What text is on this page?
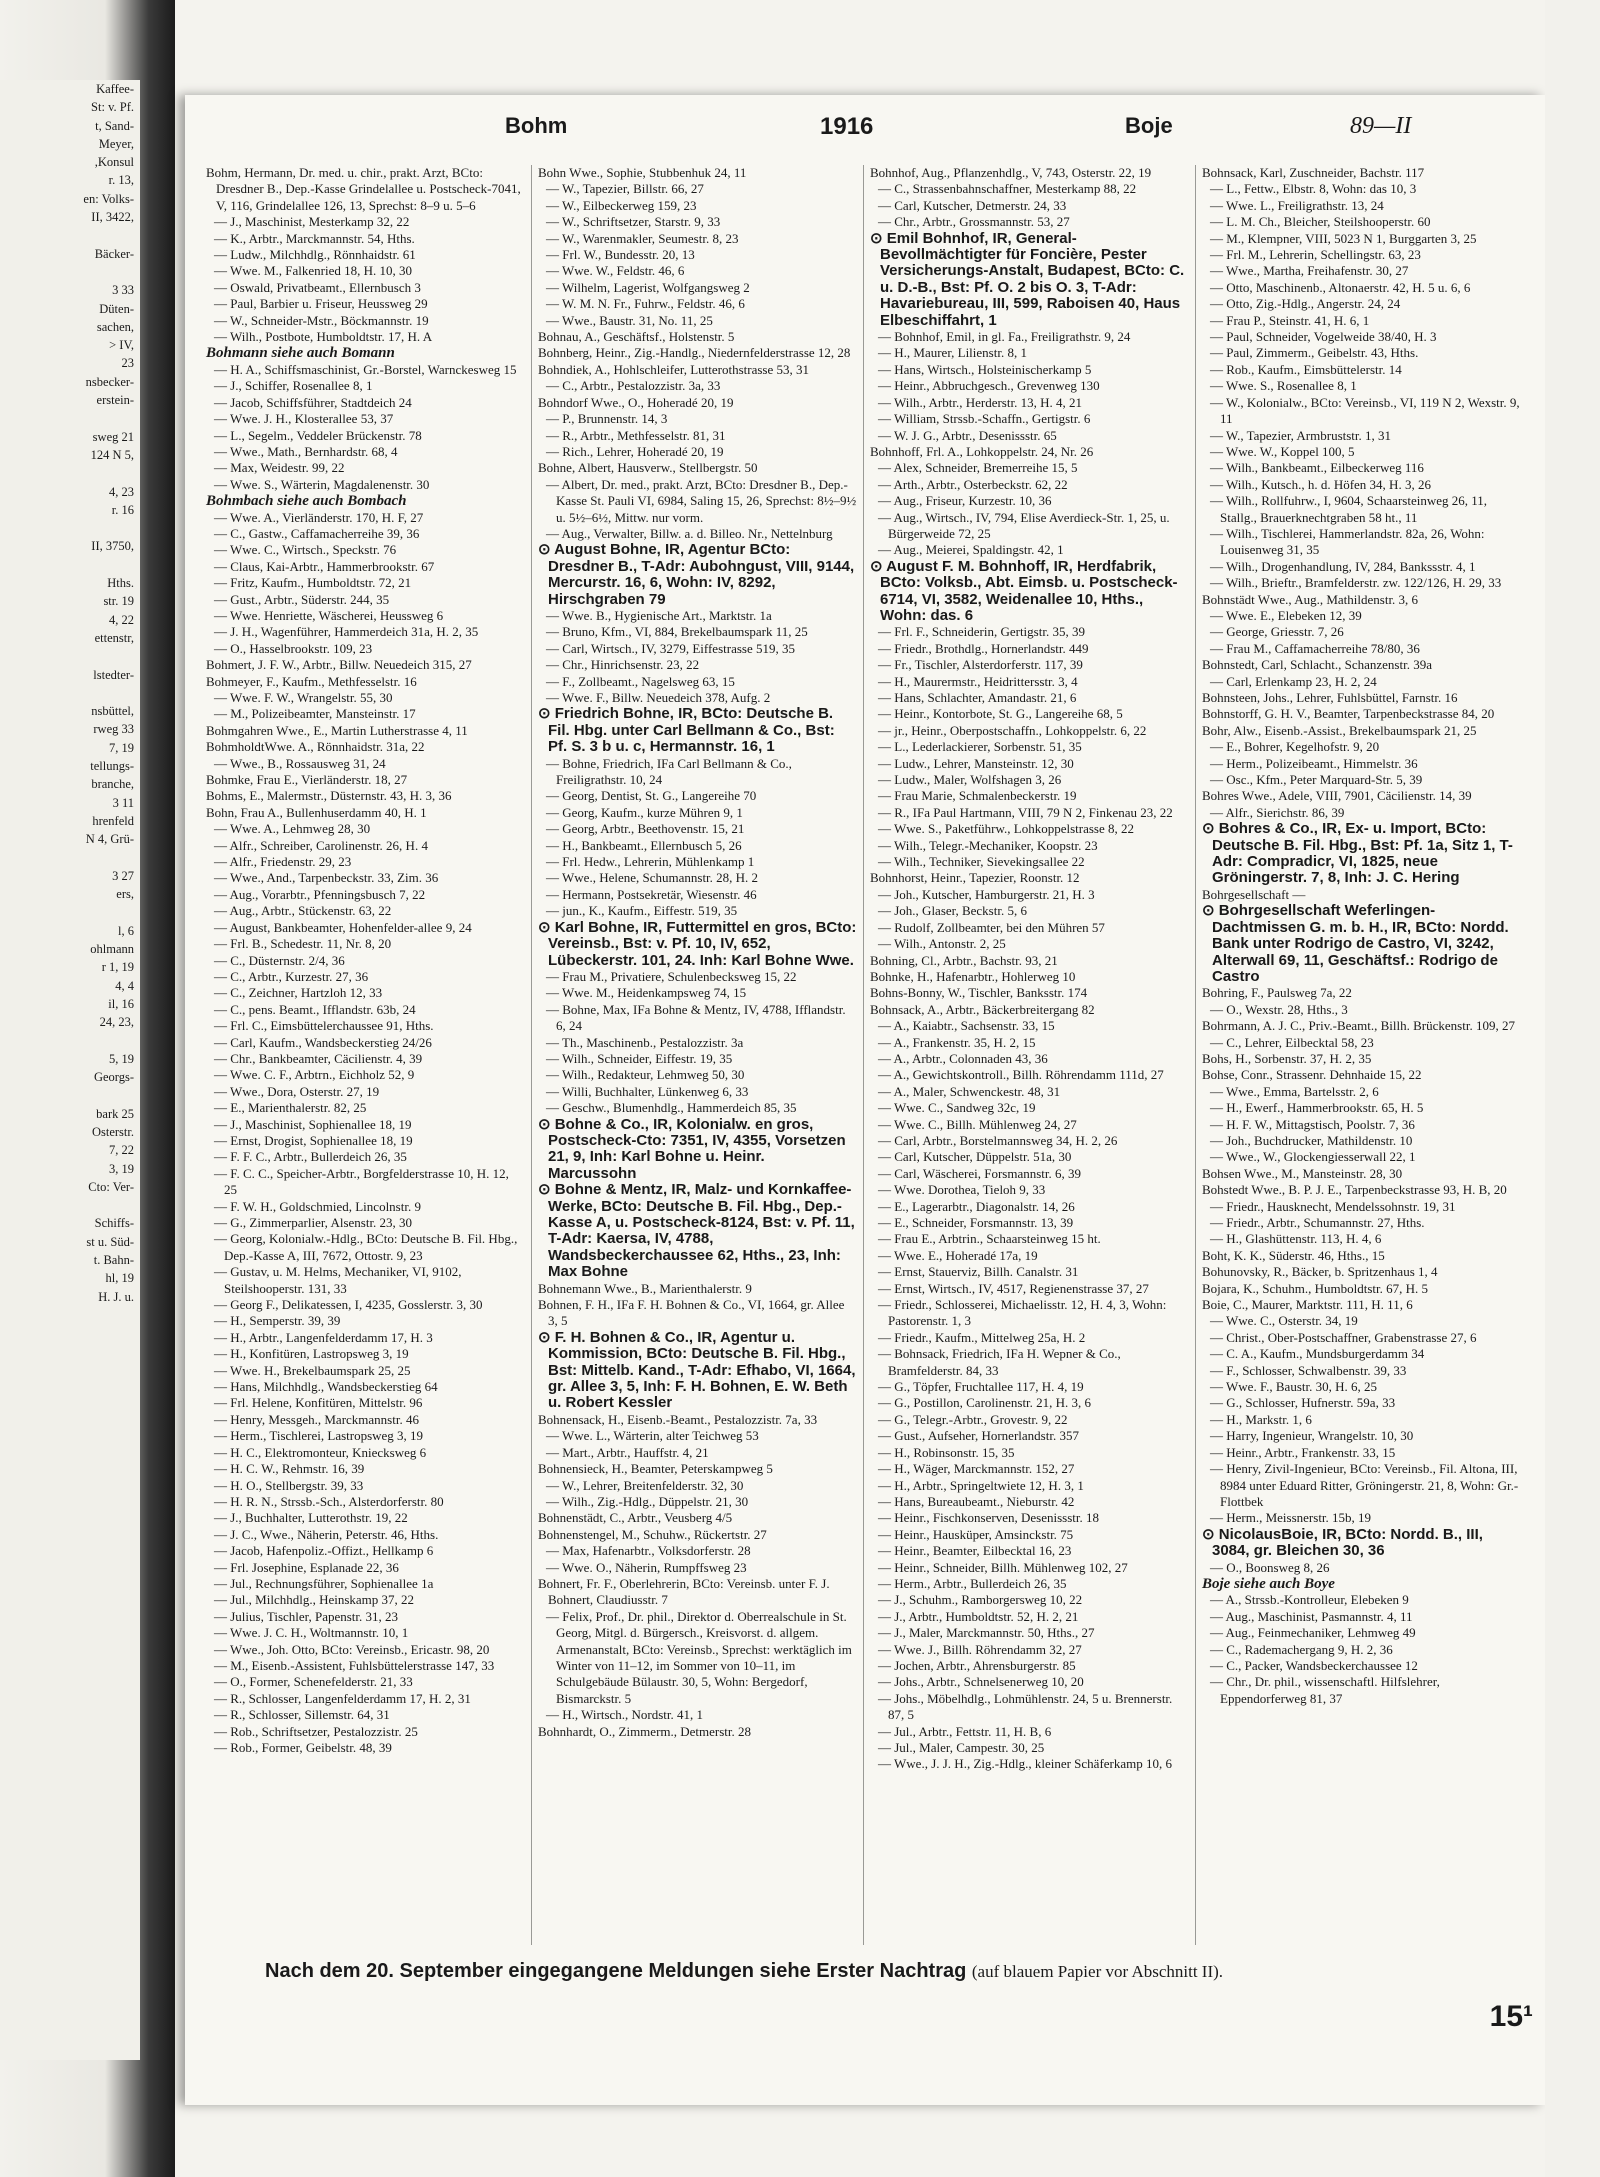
Kaffee-
St: v. Pf.
t, Sand-
Meyer,
,Konsul
r. 13,
en: Volks-
II, 3422,

Bäcker-

3 33
Düten-
sachen,
> IV,
23
nsbecker-
erstein-

sweg 21
124 N 5,

4, 23
r. 16

II, 3750,

Hths.
str. 19
4, 22
ettenstr,

lstedter-

nsbüttel,
rweg 33
7, 19
tellungs-
branche,
3 11
hrenfeld
N 4, Grü-

3 27
ers,

l, 6
ohlmann
r 1, 19
4, 4
il, 16
24, 23,

5, 19
Georgs-

bark 25
Osterstr.
7, 22
3, 19
Cto: Ver-

Schiffs-
st u. Süd-
t. Bahn-
hl, 19
H. J. u.
Bohm	1916	Boje	89—II

Bohm, Hermann, Dr. med. u. chir., prakt. Arzt, BCto: Dresdner B., Dep.-Kasse Grindelallee u. Postscheck-7041, V, 116, Grindelallee 126, 13, Sprechst: 8–9 u. 5–6

— J., Maschinist, Mesterkamp 32, 22

— K., Arbtr., Marckmannstr. 54, Hths.

— Ludw., Milchhdlg., Rönnhaidstr. 61

— Wwe. M., Falkenried 18, H. 10, 30

— Oswald, Privatbeamt., Ellernbusch 3

— Paul, Barbier u. Friseur, Heussweg 29

— W., Schneider-Mstr., Böckmannstr. 19

— Wilh., Postbote, Humboldtstr. 17, H. A

Bohmann siehe auch Bomann

— H. A., Schiffsmaschinist, Gr.-Borstel, Warnckesweg 15

— J., Schiffer, Rosenallee 8, 1

— Jacob, Schiffsführer, Stadtdeich 24

— Wwe. J. H., Klosterallee 53, 37

— L., Segelm., Veddeler Brückenstr. 78

— Wwe., Math., Bernhardstr. 68, 4

— Max, Weidestr. 99, 22

— Wwe. S., Wärterin, Magdalenenstr. 30

Bohmbach siehe auch Bombach

— Wwe. A., Vierländerstr. 170, H. F, 27

— C., Gastw., Caffamacherreihe 39, 36

— Wwe. C., Wirtsch., Speckstr. 76

— Claus, Kai-Arbtr., Hammerbrookstr. 67

— Fritz, Kaufm., Humboldtstr. 72, 21

— Gust., Arbtr., Süderstr. 244, 35

— Wwe. Henriette, Wäscherei, Heussweg 6

— J. H., Wagenführer, Hammerdeich 31a, H. 2, 35

— O., Hasselbrookstr. 109, 23

Bohmert, J. F. W., Arbtr., Billw. Neuedeich 315, 27

Bohmeyer, F., Kaufm., Methfesselstr. 16

— Wwe. F. W., Wrangelstr. 55, 30

— M., Polizeibeamter, Mansteinstr. 17

Bohmgahren Wwe., E., Martin Lutherstrasse 4, 11

BohmholdtWwe. A., Rönnhaidstr. 31a, 22

— Wwe., B., Rossausweg 31, 24

Bohmke, Frau E., Vierländerstr. 18, 27

Bohms, E., Malermstr., Düsternstr. 43, H. 3, 36

Bohn, Frau A., Bullenhuserdamm 40, H. 1

— Wwe. A., Lehmweg 28, 30

— Alfr., Schreiber, Carolinenstr. 26, H. 4

— Alfr., Friedenstr. 29, 23

— Wwe., And., Tarpenbeckstr. 33, Zim. 36

— Aug., Vorarbtr., Pfenningsbusch 7, 22

— Aug., Arbtr., Stückenstr. 63, 22

— August, Bankbeamter, Hohenfelder-allee 9, 24

— Frl. B., Schedestr. 11, Nr. 8, 20

— C., Düsternstr. 2/4, 36

— C., Arbtr., Kurzestr. 27, 36

— C., Zeichner, Hartzloh 12, 33

— C., pens. Beamt., Ifflandstr. 63b, 24

— Frl. C., Eimsbüttelerchaussee 91, Hths.

— Carl, Kaufm., Wandsbeckerstieg 24/26

— Chr., Bankbeamter, Cäcilienstr. 4, 39

— Wwe. C. F., Arbtrn., Eichholz 52, 9

— Wwe., Dora, Osterstr. 27, 19

— E., Marienthalerstr. 82, 25

— J., Maschinist, Sophienallee 18, 19

— Ernst, Drogist, Sophienallee 18, 19

— F. F. C., Arbtr., Bullerdeich 26, 35

— F. C. C., Speicher-Arbtr., Borgfelderstrasse 10, H. 12, 25

— F. W. H., Goldschmied, Lincolnstr. 9

— G., Zimmerparlier, Alsenstr. 23, 30

— Georg, Kolonialw.-Hdlg., BCto: Deutsche B. Fil. Hbg., Dep.-Kasse A, III, 7672, Ottostr. 9, 23

— Gustav, u. M. Helms, Mechaniker, VI, 9102, Steilshooperstr. 131, 33

— Georg F., Delikatessen, I, 4235, Gosslerstr. 3, 30

— H., Semperstr. 39, 39

— H., Arbtr., Langenfelderdamm 17, H. 3

— H., Konfitüren, Lastropsweg 3, 19

— Wwe. H., Brekelbaumspark 25, 25

— Hans, Milchhdlg., Wandsbeckerstieg 64

— Frl. Helene, Konfitüren, Mittelstr. 96

— Henry, Messgeh., Marckmannstr. 46

— Herm., Tischlerei, Lastropsweg 3, 19

— H. C., Elektromonteur, Kniecksweg 6

— H. C. W., Rehmstr. 16, 39

— H. O., Stellbergstr. 39, 33

— H. R. N., Strssb.-Sch., Alsterdorferstr. 80

— J., Buchhalter, Lutterothstr. 19, 22

— J. C., Wwe., Näherin, Peterstr. 46, Hths.

— Jacob, Hafenpoliz.-Offizt., Hellkamp 6

— Frl. Josephine, Esplanade 22, 36

— Jul., Rechnungsführer, Sophienallee 1a

— Jul., Milchhdlg., Heinskamp 37, 22

— Julius, Tischler, Papenstr. 31, 23

— Wwe. J. C. H., Woltmannstr. 10, 1

— Wwe., Joh. Otto, BCto: Vereinsb., Ericastr. 98, 20

— M., Eisenb.-Assistent, Fuhlsbüttelerstrasse 147, 33

— O., Former, Schenefelderstr. 21, 33

— R., Schlosser, Langenfelderdamm 17, H. 2, 31

— R., Schlosser, Sillemstr. 64, 31

— Rob., Schriftsetzer, Pestalozzistr. 25

— Rob., Former, Geibelstr. 48, 39

Bohn Wwe., Sophie, Stubbenhuk 24, 11

— W., Tapezier, Billstr. 66, 27

— W., Eilbeckerweg 159, 23

— W., Schriftsetzer, Starstr. 9, 33

— W., Warenmakler, Seumestr. 8, 23

— Frl. W., Bundesstr. 20, 13

— Wwe. W., Feldstr. 46, 6

— Wilhelm, Lagerist, Wolfgangsweg 2

— W. M. N. Fr., Fuhrw., Feldstr. 46, 6

— Wwe., Baustr. 31, No. 11, 25

Bohnau, A., Geschäftsf., Holstenstr. 5

Bohnberg, Heinr., Zig.-Handlg., Niedernfelderstrasse 12, 28

Bohndiek, A., Hohlschleifer, Lutterothstrasse 53, 31

— C., Arbtr., Pestalozzistr. 3a, 33

Bohndorf Wwe., O., Hoheradé 20, 19

— P., Brunnenstr. 14, 3

— R., Arbtr., Methfesselstr. 81, 31

— Rich., Lehrer, Hoheradé 20, 19

Bohne, Albert, Hausverw., Stellbergstr. 50

— Albert, Dr. med., prakt. Arzt, BCto: Dresdner B., Dep.-Kasse St. Pauli VI, 6984, Saling 15, 26, Sprechst: 8½–9½ u. 5½–6½, Mittw. nur vorm.

— Aug., Verwalter, Billw. a. d. Billeo. Nr., Nettelnburg

⊙ August Bohne, IR, Agentur BCto: Dresdner B., T-Adr: Aubohngust, VIII, 9144, Mercurstr. 16, 6, Wohn: IV, 8292, Hirschgraben 79

— Wwe. B., Hygienische Art., Marktstr. 1a

— Bruno, Kfm., VI, 884, Brekelbaumspark 11, 25

— Carl, Wirtsch., IV, 3279, Eiffestrasse 519, 35

— Chr., Hinrichsenstr. 23, 22

— F., Zollbeamt., Nagelsweg 63, 15

— Wwe. F., Billw. Neuedeich 378, Aufg. 2

⊙ Friedrich Bohne, IR, BCto: Deutsche B. Fil. Hbg. unter Carl Bellmann & Co., Bst: Pf. S. 3 b u. c, Hermannstr. 16, 1

— Bohne, Friedrich, IFa Carl Bellmann & Co., Freiligrathstr. 10, 24

— Georg, Dentist, St. G., Langereihe 70

— Georg, Kaufm., kurze Mühren 9, 1

— Georg, Arbtr., Beethovenstr. 15, 21

— H., Bankbeamt., Ellernbusch 5, 26

— Frl. Hedw., Lehrerin, Mühlenkamp 1

— Wwe., Helene, Schumannstr. 28, H. 2

— Hermann, Postsekretär, Wiesenstr. 46

— jun., K., Kaufm., Eiffestr. 519, 35

⊙ Karl Bohne, IR, Futtermittel en gros, BCto: Vereinsb., Bst: v. Pf. 10, IV, 652, Lübeckerstr. 101, 24. Inh: Karl Bohne Wwe.

— Frau M., Privatiere, Schulenbecksweg 15, 22

— Wwe. M., Heidenkampsweg 74, 15

— Bohne, Max, IFa Bohne & Mentz, IV, 4788, Ifflandstr. 6, 24

— Th., Maschinenb., Pestalozzistr. 3a

— Wilh., Schneider, Eiffestr. 19, 35

— Wilh., Redakteur, Lehmweg 50, 30

— Willi, Buchhalter, Lünkenweg 6, 33

— Geschw., Blumenhdlg., Hammerdeich 85, 35

⊙ Bohne & Co., IR, Kolonialw. en gros, Postscheck-Cto: 7351, IV, 4355, Vorsetzen 21, 9, Inh: Karl Bohne u. Heinr. Marcussohn

⊙ Bohne & Mentz, IR, Malz- und Kornkaffee-Werke, BCto: Deutsche B. Fil. Hbg., Dep.-Kasse A, u. Postscheck-8124, Bst: v. Pf. 11, T-Adr: Kaersa, IV, 4788, Wandsbeckerchaussee 62, Hths., 23, Inh: Max Bohne

Bohnemann Wwe., B., Marienthalerstr. 9

Bohnen, F. H., IFa F. H. Bohnen & Co., VI, 1664, gr. Allee 3, 5

⊙ F. H. Bohnen & Co., IR, Agentur u. Kommission, BCto: Deutsche B. Fil. Hbg., Bst: Mittelb. Kand., T-Adr: Efhabo, VI, 1664, gr. Allee 3, 5, Inh: F. H. Bohnen, E. W. Beth u. Robert Kessler

Bohnensack, H., Eisenb.-Beamt., Pestalozzistr. 7a, 33

— Wwe. L., Wärterin, alter Teichweg 53

— Mart., Arbtr., Hauffstr. 4, 21

Bohnensieck, H., Beamter, Peterskampweg 5

— W., Lehrer, Breitenfelderstr. 32, 30

— Wilh., Zig.-Hdlg., Düppelstr. 21, 30

Bohnenstädt, C., Arbtr., Veusberg 4/5

Bohnenstengel, M., Schuhw., Rückertstr. 27

— Max, Hafenarbtr., Volksdorferstr. 28

— Wwe. O., Näherin, Rumpffsweg 23

Bohnert, Fr. F., Oberlehrerin, BCto: Vereinsb. unter F. J. Bohnert, Claudiusstr. 7

— Felix, Prof., Dr. phil., Direktor d. Oberrealschule in St. Georg, Mitgl. d. Bürgersch., Kreisvorst. d. allgem. Armenanstalt, BCto: Vereinsb., Sprechst: werktäglich im Winter von 11–12, im Sommer von 10–11, im Schulgebäude Bülaustr. 30, 5, Wohn: Bergedorf, Bismarckstr. 5

— H., Wirtsch., Nordstr. 41, 1

Bohnhardt, O., Zimmerm., Detmerstr. 28

Bohnhof, Aug., Pflanzenhdlg., V, 743, Osterstr. 22, 19

— C., Strassenbahnschaffner, Mesterkamp 88, 22

— Carl, Kutscher, Detmerstr. 24, 33

— Chr., Arbtr., Grossmannstr. 53, 27

⊙ Emil Bohnhof, IR, General-Bevollmächtigter für Foncière, Pester Versicherungs-Anstalt, Budapest, BCto: C. u. D.-B., Bst: Pf. O. 2 bis O. 3, T-Adr: Havariebureau, III, 599, Raboisen 40, Haus Elbeschiffahrt, 1

— Bohnhof, Emil, in gl. Fa., Freiligrathstr. 9, 24

— H., Maurer, Lilienstr. 8, 1

— Hans, Wirtsch., Holsteinischerkamp 5

— Heinr., Abbruchgesch., Grevenweg 130

— Wilh., Arbtr., Herderstr. 13, H. 4, 21

— William, Strssb.-Schaffn., Gertigstr. 6

— W. J. G., Arbtr., Desenissstr. 65

Bohnhoff, Frl. A., Lohkoppelstr. 24, Nr. 26

— Alex, Schneider, Bremerreihe 15, 5

— Arth., Arbtr., Osterbeckstr. 62, 22

— Aug., Friseur, Kurzestr. 10, 36

— Aug., Wirtsch., IV, 794, Elise Averdieck-Str. 1, 25, u. Bürgerweide 72, 25

— Aug., Meierei, Spaldingstr. 42, 1

⊙ August F. M. Bohnhoff, IR, Herdfabrik, BCto: Volksb., Abt. Eimsb. u. Postscheck-6714, VI, 3582, Weidenallee 10, Hths., Wohn: das. 6

— Frl. F., Schneiderin, Gertigstr. 35, 39

— Friedr., Brothdlg., Hornerlandstr. 449

— Fr., Tischler, Alsterdorferstr. 117, 39

— H., Maurermstr., Heidrittersstr. 3, 4

— Hans, Schlachter, Amandastr. 21, 6

— Heinr., Kontorbote, St. G., Langereihe 68, 5

— jr., Heinr., Oberpostschaffn., Lohkoppelstr. 6, 22

— L., Lederlackierer, Sorbenstr. 51, 35

— Ludw., Lehrer, Mansteinstr. 12, 30

— Ludw., Maler, Wolfshagen 3, 26

— Frau Marie, Schmalenbeckerstr. 19

— R., IFa Paul Hartmann, VIII, 79 N 2, Finkenau 23, 22

— Wwe. S., Paketführw., Lohkoppelstrasse 8, 22

— Wilh., Telegr.-Mechaniker, Koopstr. 23

— Wilh., Techniker, Sievekingsallee 22

Bohnhorst, Heinr., Tapezier, Roonstr. 12

— Joh., Kutscher, Hamburgerstr. 21, H. 3

— Joh., Glaser, Beckstr. 5, 6

— Rudolf, Zollbeamter, bei den Mühren 57

— Wilh., Antonstr. 2, 25

Bohning, Cl., Arbtr., Bachstr. 93, 21

Bohnke, H., Hafenarbtr., Hohlerweg 10

Bohns-Bonny, W., Tischler, Banksstr. 174

Bohnsack, A., Arbtr., Bäckerbreitergang 82

— A., Kaiabtr., Sachsenstr. 33, 15

— A., Frankenstr. 35, H. 2, 15

— A., Arbtr., Colonnaden 43, 36

— A., Gewichtskontroll., Billh. Röhrendamm 111d, 27

— A., Maler, Schwenckestr. 48, 31

— Wwe. C., Sandweg 32c, 19

— Wwe. C., Billh. Mühlenweg 24, 27

— Carl, Arbtr., Borstelmannsweg 34, H. 2, 26

— Carl, Kutscher, Düppelstr. 51a, 30

— Carl, Wäscherei, Forsmannstr. 6, 39

— Wwe. Dorothea, Tieloh 9, 33

— E., Lagerarbtr., Diagonalstr. 14, 26

— E., Schneider, Forsmannstr. 13, 39

— Frau E., Arbtrin., Schaarsteinweg 15 ht.

— Wwe. E., Hoheradé 17a, 19

— Ernst, Stauerviz, Billh. Canalstr. 31

— Ernst, Wirtsch., IV, 4517, Regienenstrasse 37, 27

— Friedr., Schlosserei, Michaelisstr. 12, H. 4, 3, Wohn: Pastorenstr. 1, 3

— Friedr., Kaufm., Mittelweg 25a, H. 2

— Bohnsack, Friedrich, IFa H. Wepner & Co., Bramfelderstr. 84, 33

— G., Töpfer, Fruchtallee 117, H. 4, 19

— G., Postillon, Carolinenstr. 21, H. 3, 6

— G., Telegr.-Arbtr., Grovestr. 9, 22

— Gust., Aufseher, Hornerlandstr. 357

— H., Robinsonstr. 15, 35

— H., Wäger, Marckmannstr. 152, 27

— H., Arbtr., Springeltwiete 12, H. 3, 1

— Hans, Bureaubeamt., Nieburstr. 42

— Heinr., Fischkonserven, Desenissstr. 18

— Heinr., Hausküper, Amsinckstr. 75

— Heinr., Beamter, Eilbecktal 16, 23

— Heinr., Schneider, Billh. Mühlenweg 102, 27

— Herm., Arbtr., Bullerdeich 26, 35

— J., Schuhm., Ramborgersweg 10, 22

— J., Arbtr., Humboldtstr. 52, H. 2, 21

— J., Maler, Marckmannstr. 50, Hths., 27

— Wwe. J., Billh. Röhrendamm 32, 27

— Jochen, Arbtr., Ahrensburgerstr. 85

— Johs., Arbtr., Schnelsenerweg 10, 20

— Johs., Möbelhdlg., Lohmühlenstr. 24, 5 u. Brennerstr. 87, 5

— Jul., Arbtr., Fettstr. 11, H. B, 6

— Jul., Maler, Campestr. 30, 25

— Wwe., J. J. H., Zig.-Hdlg., kleiner Schäferkamp 10, 6

Bohnsack, Karl, Zuschneider, Bachstr. 117

— L., Fettw., Elbstr. 8, Wohn: das 10, 3

— Wwe. L., Freiligrathstr. 13, 24

— L. M. Ch., Bleicher, Steilshooperstr. 60

— M., Klempner, VIII, 5023 N 1, Burggarten 3, 25

— Frl. M., Lehrerin, Schellingstr. 63, 23

— Wwe., Martha, Freihafenstr. 30, 27

— Otto, Maschinenb., Altonaerstr. 42, H. 5 u. 6, 6

— Otto, Zig.-Hdlg., Angerstr. 24, 24

— Frau P., Steinstr. 41, H. 6, 1

— Paul, Schneider, Vogelweide 38/40, H. 3

— Paul, Zimmerm., Geibelstr. 43, Hths.

— Rob., Kaufm., Eimsbüttelerstr. 14

— Wwe. S., Rosenallee 8, 1

— W., Kolonialw., BCto: Vereinsb., VI, 119 N 2, Wexstr. 9, 11

— W., Tapezier, Armbruststr. 1, 31

— Wwe. W., Koppel 100, 5

— Wilh., Bankbeamt., Eilbeckerweg 116

— Wilh., Kutsch., h. d. Höfen 34, H. 3, 26

— Wilh., Rollfuhrw., I, 9604, Schaarsteinweg 26, 11, Stallg., Brauerknechtgraben 58 ht., 11

— Wilh., Tischlerei, Hammerlandstr. 82a, 26, Wohn: Louisenweg 31, 35

— Wilh., Drogenhandlung, IV, 284, Bankssstr. 4, 1

— Wilh., Brieftr., Bramfelderstr. zw. 122/126, H. 29, 33

Bohnstädt Wwe., Aug., Mathildenstr. 3, 6

— Wwe. E., Elebeken 12, 39

— George, Griesstr. 7, 26

— Frau M., Caffamacherreihe 78/80, 36

Bohnstedt, Carl, Schlacht., Schanzenstr. 39a

— Carl, Erlenkamp 23, H. 2, 24

Bohnsteen, Johs., Lehrer, Fuhlsbüttel, Farnstr. 16

Bohnstorff, G. H. V., Beamter, Tarpenbeckstrasse 84, 20

Bohr, Alw., Eisenb.-Assist., Brekelbaumspark 21, 25

— E., Bohrer, Kegelhofstr. 9, 20

— Herm., Polizeibeamt., Himmelstr. 36

— Osc., Kfm., Peter Marquard-Str. 5, 39

Bohres Wwe., Adele, VIII, 7901, Cäcilienstr. 14, 39

— Alfr., Sierichstr. 86, 39

⊙ Bohres & Co., IR, Ex- u. Import, BCto: Deutsche B. Fil. Hbg., Bst: Pf. 1a, Sitz 1, T-Adr: Compradicr, VI, 1825, neue Gröningerstr. 7, 8, Inh: J. C. Hering

Bohrgesellschaft —

⊙ Bohrgesellschaft Weferlingen-Dachtmissen G. m. b. H., IR, BCto: Nordd. Bank unter Rodrigo de Castro, VI, 3242, Alterwall 69, 11, Geschäftsf.: Rodrigo de Castro

Bohring, F., Paulsweg 7a, 22

— O., Wexstr. 28, Hths., 3

Bohrmann, A. J. C., Priv.-Beamt., Billh. Brückenstr. 109, 27

— C., Lehrer, Eilbecktal 58, 23

Bohs, H., Sorbenstr. 37, H. 2, 35

Bohse, Conr., Strassenr. Dehnhaide 15, 22

— Wwe., Emma, Bartelsstr. 2, 6

— H., Ewerf., Hammerbrookstr. 65, H. 5

— H. F. W., Mittagstisch, Poolstr. 7, 36

— Joh., Buchdrucker, Mathildenstr. 10

— Wwe., W., Glockengiesserwall 22, 1

Bohsen Wwe., M., Mansteinstr. 28, 30

Bohstedt Wwe., B. P. J. E., Tarpenbeckstrasse 93, H. B, 20

— Friedr., Hausknecht, Mendelssohnstr. 19, 31

— Friedr., Arbtr., Schumannstr. 27, Hths.

— H., Glashüttenstr. 113, H. 4, 6

Boht, K. K., Süderstr. 46, Hths., 15

Bohunovsky, R., Bäcker, b. Spritzenhaus 1, 4

Bojara, K., Schuhm., Humboldtstr. 67, H. 5

Boie, C., Maurer, Marktstr. 111, H. 11, 6

— Wwe. C., Osterstr. 34, 19

— Christ., Ober-Postschaffner, Grabenstrasse 27, 6

— C. A., Kaufm., Mundsburgerdamm 34

— F., Schlosser, Schwalbenstr. 39, 33

— Wwe. F., Baustr. 30, H. 6, 25

— G., Schlosser, Hufnerstr. 59a, 33

— H., Markstr. 1, 6

— Harry, Ingenieur, Wrangelstr. 10, 30

— Heinr., Arbtr., Frankenstr. 33, 15

— Henry, Zivil-Ingenieur, BCto: Vereinsb., Fil. Altona, III, 8984 unter Eduard Ritter, Gröningerstr. 21, 8, Wohn: Gr.-Flottbek

— Herm., Meissnerstr. 15b, 19

⊙ NicolausBoie, IR, BCto: Nordd. B., III, 3084, gr. Bleichen 30, 36

— O., Boonsweg 8, 26

Boje siehe auch Boye

— A., Strssb.-Kontrolleur, Elebeken 9

— Aug., Maschinist, Pasmannstr. 4, 11

— Aug., Feinmechaniker, Lehmweg 49

— C., Rademachergang 9, H. 2, 36

— C., Packer, Wandsbeckerchaussee 12

— Chr., Dr. phil., wissenschaftl. Hilfslehrer, Eppendorferweg 81, 37

Nach dem 20. September eingegangene Meldungen siehe Erster Nachtrag (auf blauem Papier vor Abschnitt II).
15¹
